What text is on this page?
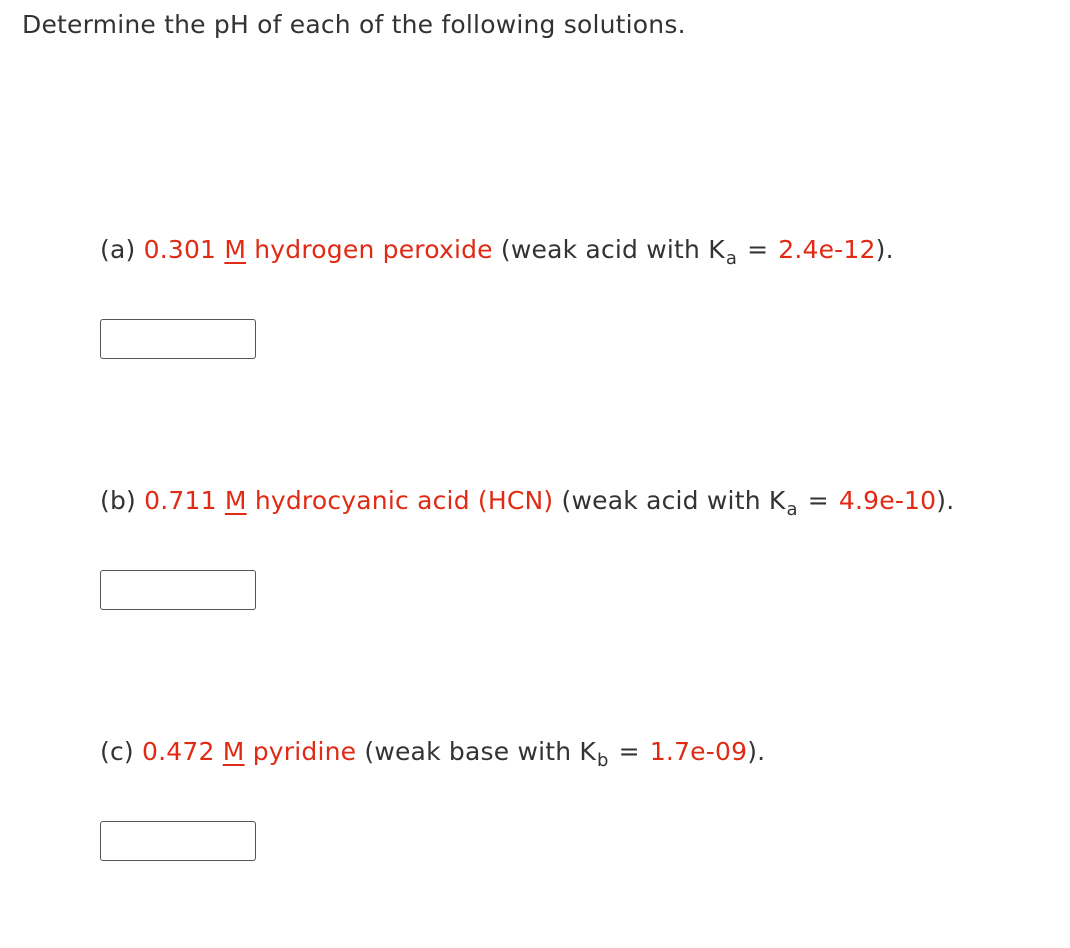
Determine the pH of each of the following solutions.
(a) 0.301 M hydrogen peroxide (weak acid with $K_a = 2.4e-12$).
(b) 0.711 M hydrocyanic acid (HCN) (weak acid with $K_a = 4.9e-10$).
(c) 0.472 M pyridine (weak base with $K_b = 1.7e-09$).
